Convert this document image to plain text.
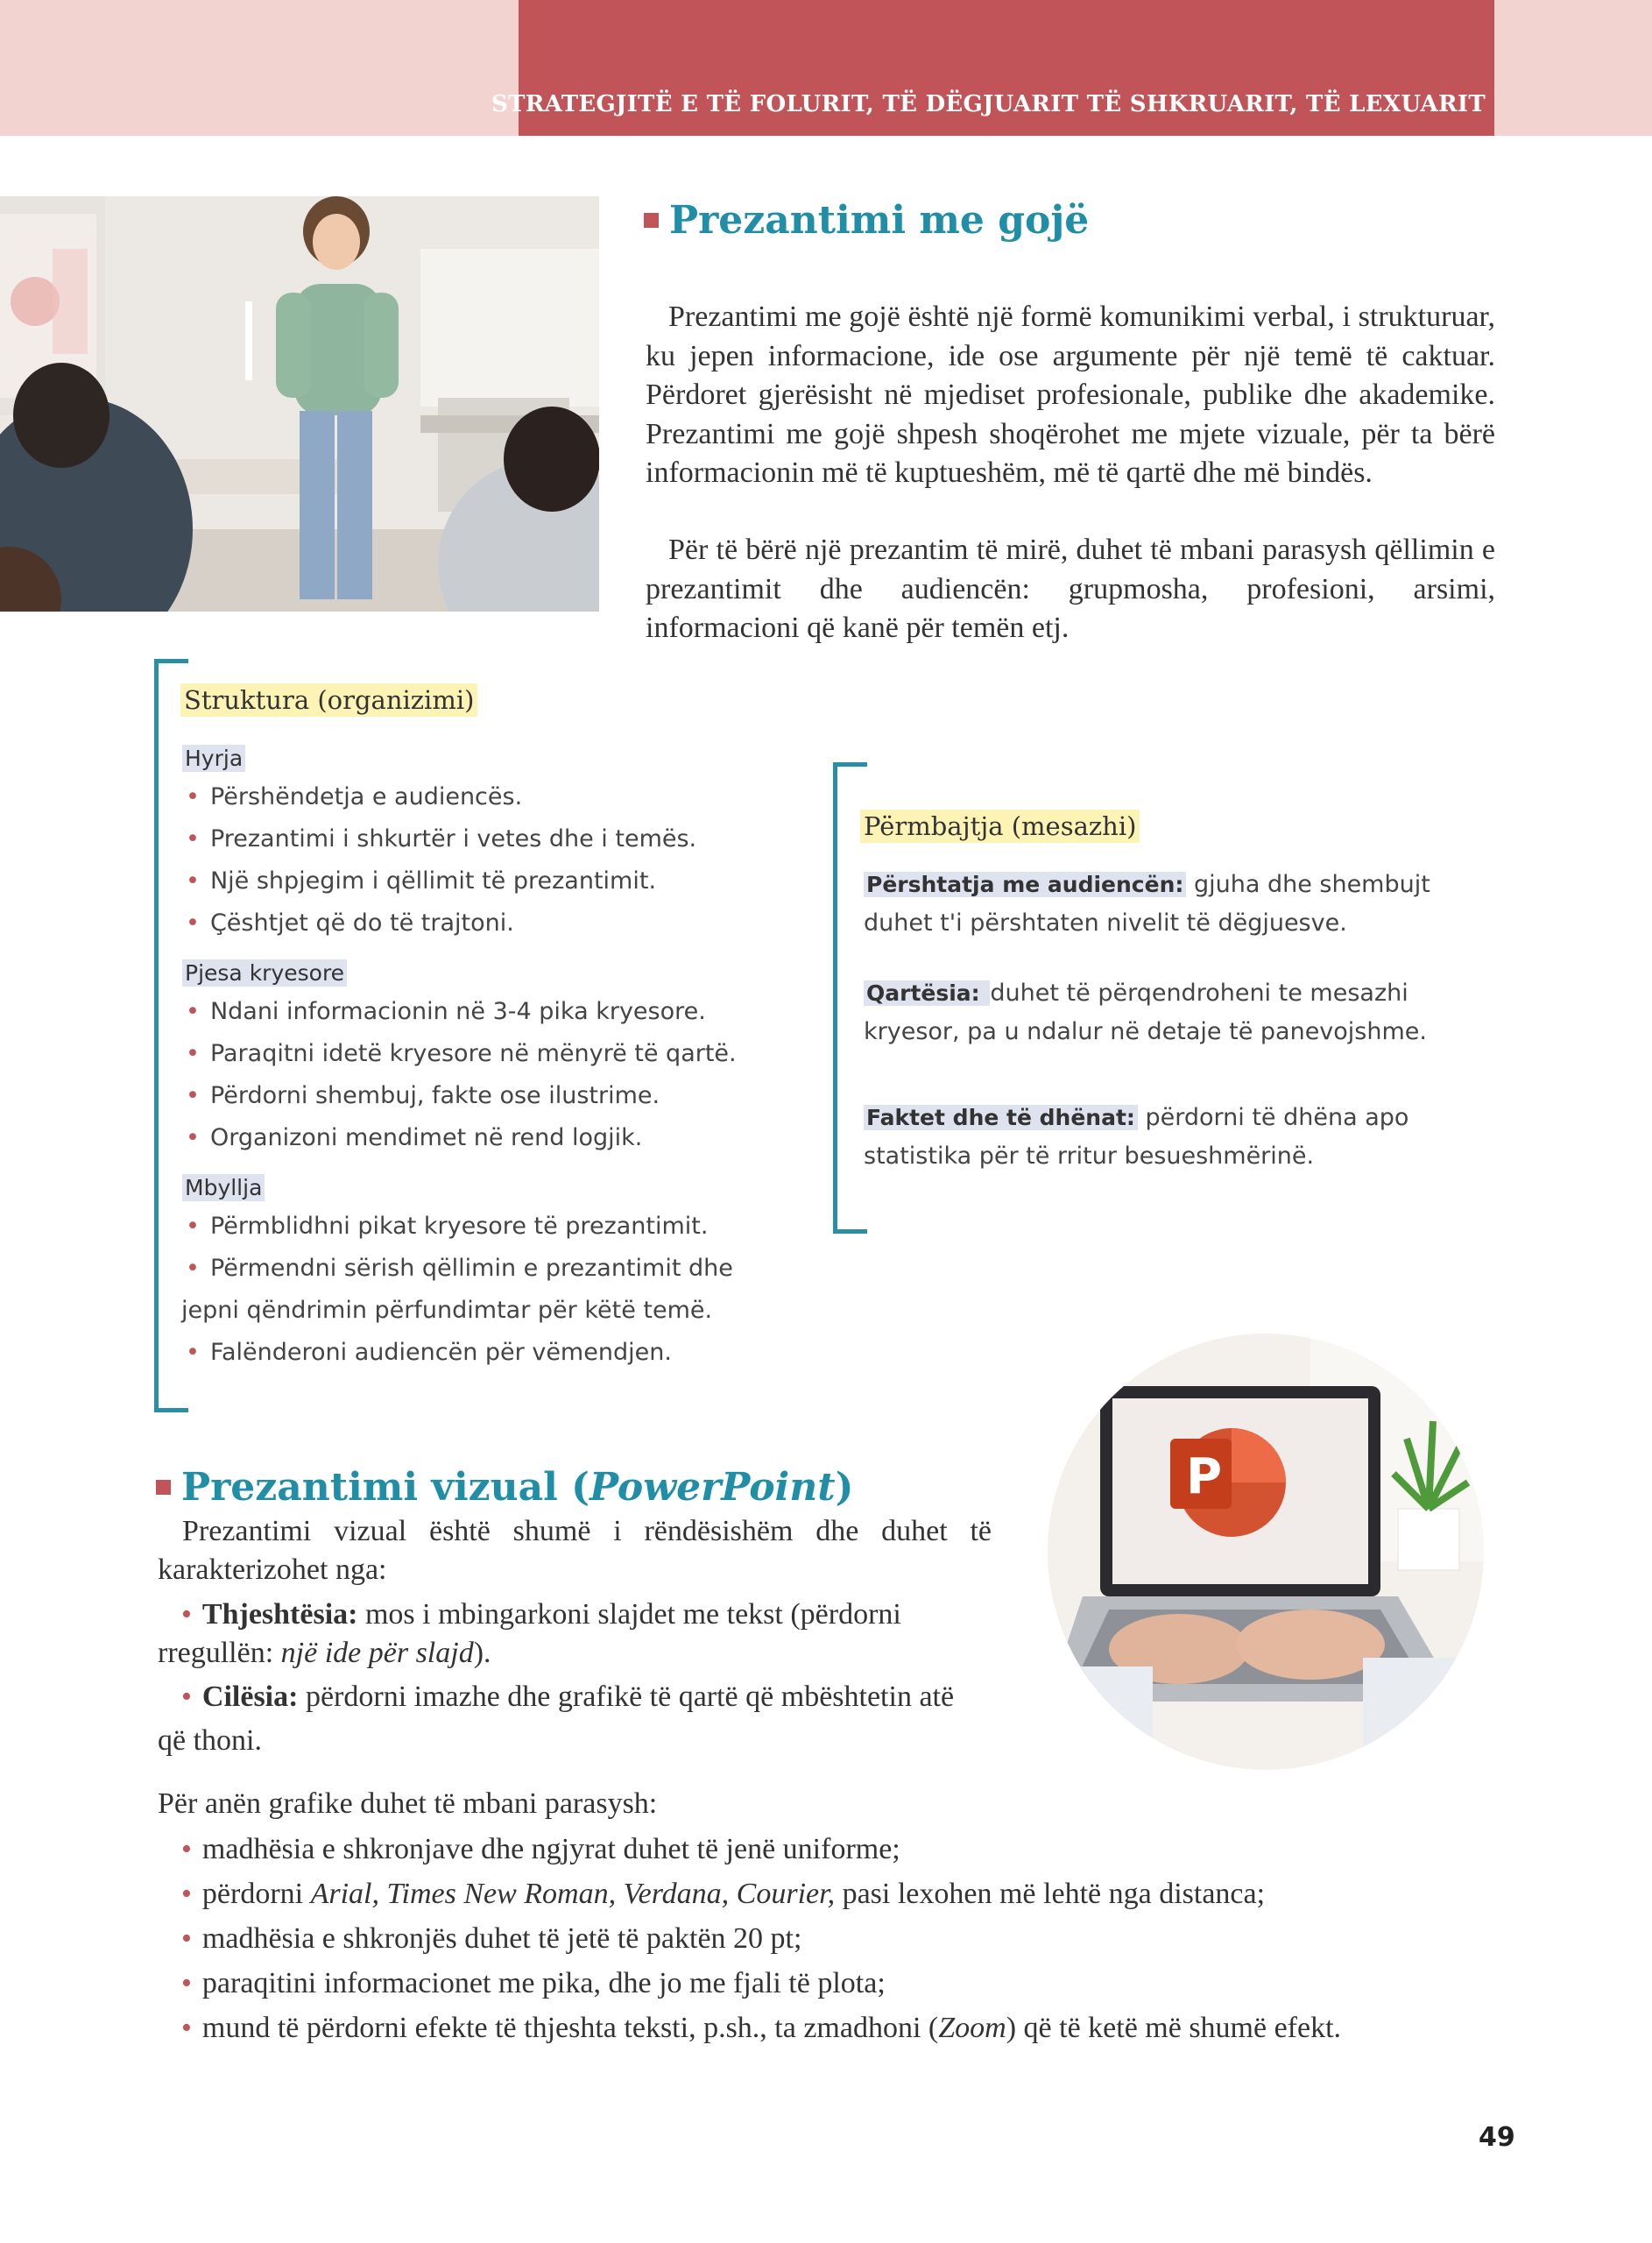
STRATEGJITË E TË FOLURIT, TË DËGJUARIT TË SHKRUARIT, TË LEXUARIT
Prezantimi me gojë
Prezantimi me gojë është një formë komunikimi verbal, i strukturuar, ku jepen informacione, ide ose argumente për një temë të caktuar. Përdoret gjerësisht në mjediset profesionale, publike dhe akademike. Prezantimi me gojë shpesh shoqërohet me mjete vizuale, për ta bërë informacionin më të kuptueshëm, më të qartë dhe më bindës.
Për të bërë një prezantim të mirë, duhet të mbani parasysh qëllimin e prezantimit dhe audiencën: grupmosha, profesioni, arsimi, informacioni që kanë për temën etj.
Struktura (organizimi)
Hyrja
• Përshëndetja e audiencës.
• Prezantimi i shkurtër i vetes dhe i temës.
• Një shpjegim i qëllimit të prezantimit.
• Çështjet që do të trajtoni.
Pjesa kryesore
• Ndani informacionin në 3-4 pika kryesore.
• Paraqitni idetë kryesore në mënyrë të qartë.
• Përdorni shembuj, fakte ose ilustrime.
• Organizoni mendimet në rend logjik.
Mbyllja
• Përmblidhni pikat kryesore të prezantimit.
• Përmendni sërish qëllimin e prezantimit dhe
jepni qëndrimin përfundimtar për këtë temë.
• Falënderoni audiencën për vëmendjen.
Përmbajtja (mesazhi)
Përshtatja me audiencën: gjuha dhe shembujt
duhet t'i përshtaten nivelit të dëgjuesve.
Qartësia: duhet të përqendroheni te mesazhi
kryesor, pa u ndalur në detaje të panevojshme.
Faktet dhe të dhënat: përdorni të dhëna apo
statistika për të rritur besueshmërinë.
Prezantimi vizual (PowerPoint)
Prezantimi vizual është shumë i rëndësishëm dhe duhet të karakterizohet nga:
• Thjeshtësia: mos i mbingarkoni slajdet me tekst (përdorni
rregullën: një ide për slajd).
• Cilësia: përdorni imazhe dhe grafikë të qartë që mbështetin atë
që thoni.
P
Për anën grafike duhet të mbani parasysh:
• madhësia e shkronjave dhe ngjyrat duhet të jenë uniforme;
• përdorni Arial, Times New Roman, Verdana, Courier, pasi lexohen më lehtë nga distanca;
• madhësia e shkronjës duhet të jetë të paktën 20 pt;
• paraqitini informacionet me pika, dhe jo me fjali të plota;
• mund të përdorni efekte të thjeshta teksti, p.sh., ta zmadhoni (Zoom) që të ketë më shumë efekt.
49
